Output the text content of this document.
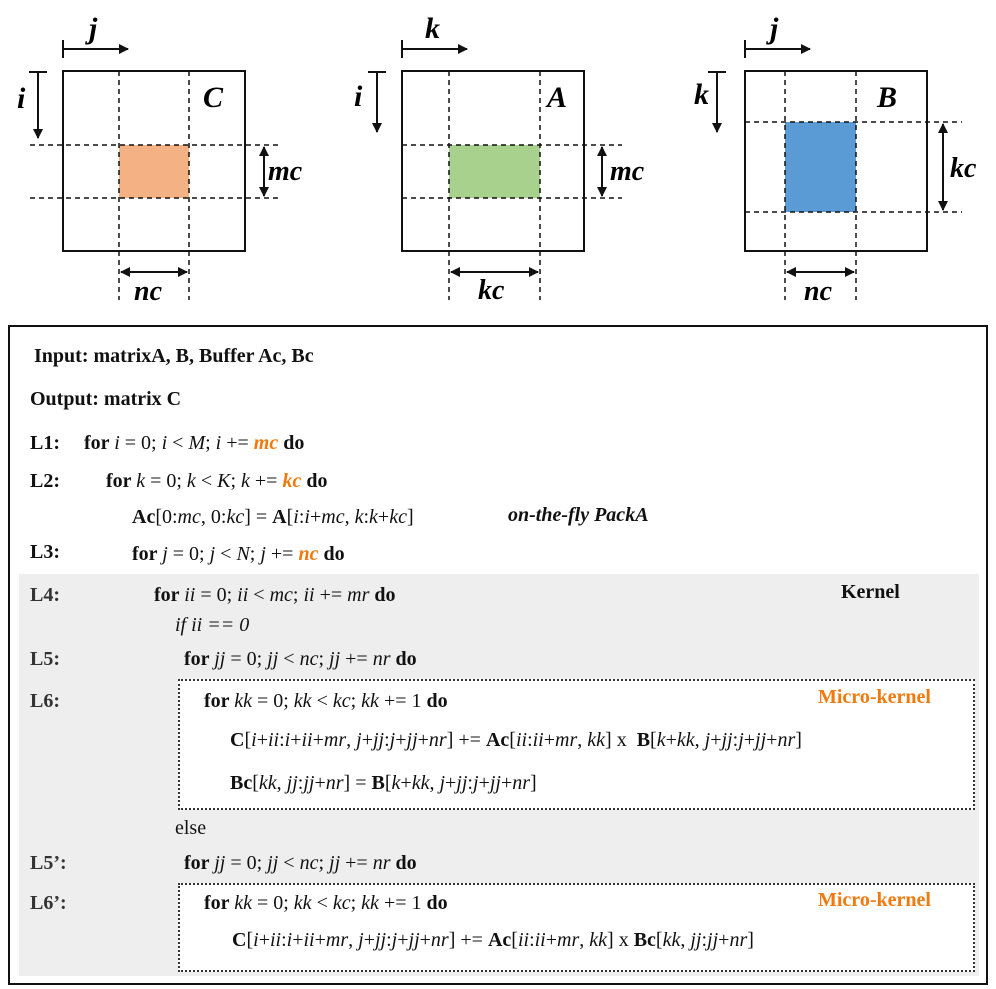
j
i	C
mc
nc
k
i	A
mc
kc
j
k	B
kc
nc
Input: matrixA, B, Buffer Ac, Bc
Output: matrix C
L1: for i = 0; i < M; i += mc do
L2: for k = 0; k < K; k += kc do
Ac[0:mc, 0:kc] = A[i:i+mc, k:k+kc]	on-the-fly PackA
L3:	for j = 0; j < N; j += nc do
L4:	for ii = 0; ii < mc; ii += mr do	Kernel
if ii == 0
L5:	for jj = 0; jj < nc; jj += nr do
L6:	for kk = 0; kk < kc; kk += 1 do	Micro-kernel
C[i+ii:i+ii+mr, j+jj:j+jj+nr] += Ac[ii:ii+mr, kk] x  B[k+kk, j+jj:j+jj+nr]
Bc[kk, jj:jj+nr] = B[k+kk, j+jj:j+jj+nr]
else
L5’:	for jj = 0; jj < nc; jj += nr do
L6’:	for kk = 0; kk < kc; kk += 1 do	Micro-kernel
C[i+ii:i+ii+mr, j+jj:j+jj+nr] += Ac[ii:ii+mr, kk] x Bc[kk, jj:jj+nr]
